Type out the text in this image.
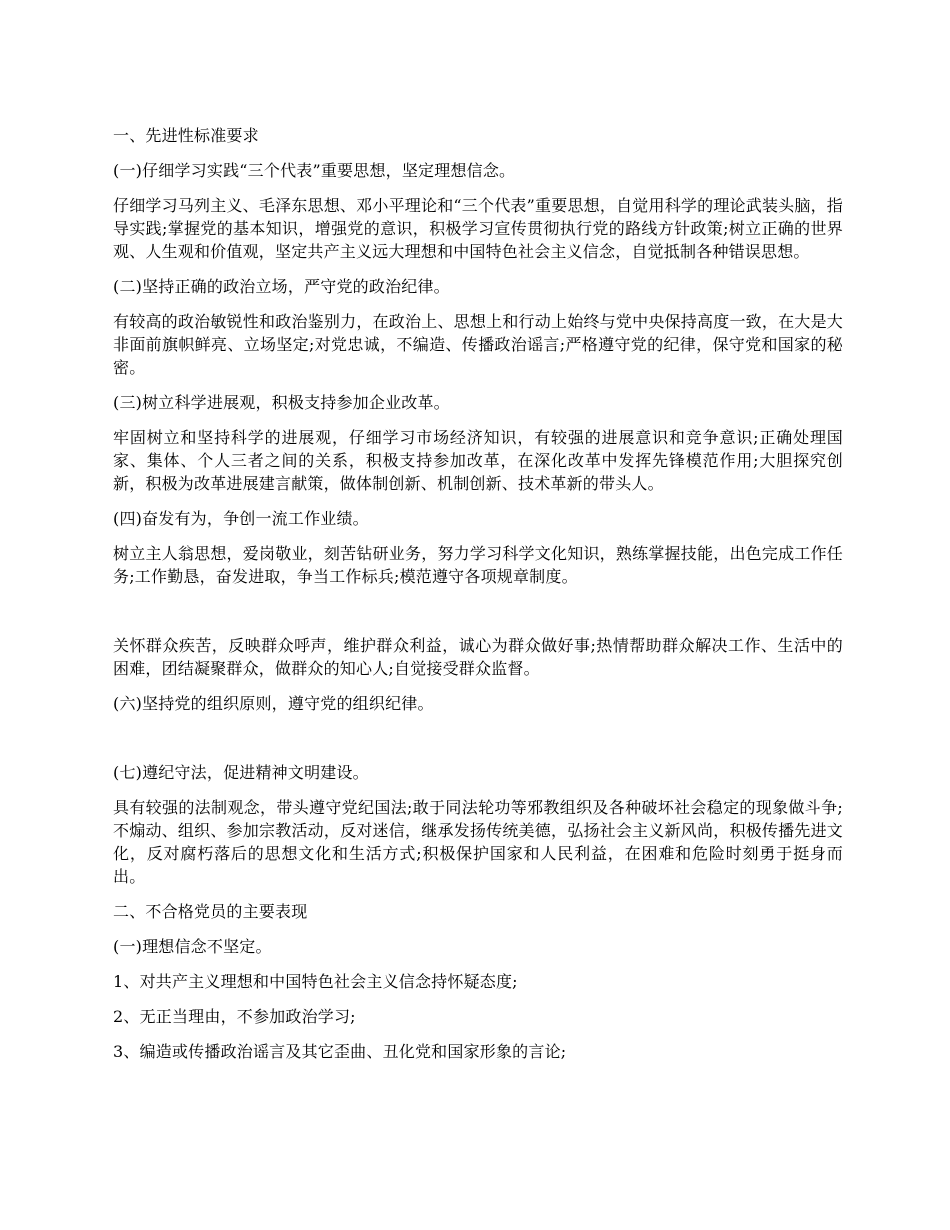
一、先进性标准要求

(一)仔细学习实践“三个代表”重要思想，坚定理想信念。

仔细学习马列主义、毛泽东思想、邓小平理论和“三个代表”重要思想，自觉用科学的理论武装头脑，指导实践;掌握党的基本知识，增强党的意识，积极学习宣传贯彻执行党的路线方针政策;树立正确的世界观、人生观和价值观，坚定共产主义远大理想和中国特色社会主义信念，自觉抵制各种错误思想。

(二)坚持正确的政治立场，严守党的政治纪律。

有较高的政治敏锐性和政治鉴别力，在政治上、思想上和行动上始终与党中央保持高度一致，在大是大非面前旗帜鲜亮、立场坚定;对党忠诚，不编造、传播政治谣言;严格遵守党的纪律，保守党和国家的秘密。

(三)树立科学进展观，积极支持参加企业改革。

牢固树立和坚持科学的进展观，仔细学习市场经济知识，有较强的进展意识和竞争意识;正确处理国家、集体、个人三者之间的关系，积极支持参加改革，在深化改革中发挥先锋模范作用;大胆探究创新，积极为改革进展建言献策，做体制创新、机制创新、技术革新的带头人。

(四)奋发有为，争创一流工作业绩。

树立主人翁思想，爱岗敬业，刻苦钻研业务，努力学习科学文化知识，熟练掌握技能，出色完成工作任务;工作勤恳，奋发进取，争当工作标兵;模范遵守各项规章制度。

关怀群众疾苦，反映群众呼声，维护群众利益，诚心为群众做好事;热情帮助群众解决工作、生活中的困难，团结凝聚群众，做群众的知心人;自觉接受群众监督。

(六)坚持党的组织原则，遵守党的组织纪律。

(七)遵纪守法，促进精神文明建设。

具有较强的法制观念，带头遵守党纪国法;敢于同法轮功等邪教组织及各种破坏社会稳定的现象做斗争;不煽动、组织、参加宗教活动，反对迷信，继承发扬传统美德，弘扬社会主义新风尚，积极传播先进文化，反对腐朽落后的思想文化和生活方式;积极保护国家和人民利益，在困难和危险时刻勇于挺身而出。

二、不合格党员的主要表现

(一)理想信念不坚定。

1、对共产主义理想和中国特色社会主义信念持怀疑态度;

2、无正当理由，不参加政治学习;

3、编造或传播政治谣言及其它歪曲、丑化党和国家形象的言论;
